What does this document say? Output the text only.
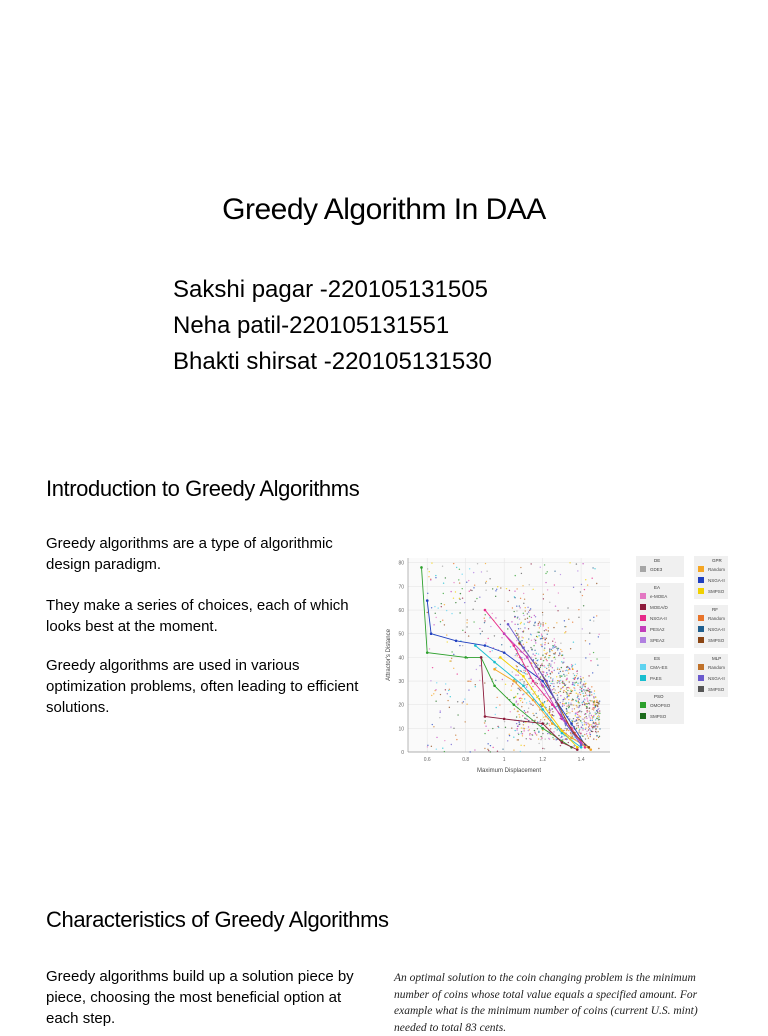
Greedy Algorithm In DAA
Sakshi pagar -220105131505
Neha patil-220105131551
Bhakti shirsat -220105131530
Introduction to Greedy Algorithms

Greedy algorithms are a type of algorithmic design paradigm.

They make a series of choices, each of which looks best at the moment.

Greedy algorithms are used in various optimization problems, often leading to efficient solutions.

0
10
20
30
40
50
60
70
80
0.6	0.8	1	1.2	1.4
Maximum Displacement
Attractor's Distance
DE
GDE3
EA
e-MOEA
MOEA/D
NSGA-II
PESA2
SPEA2
ES
CMA-ES
PAES
PSO
OMOPSO
SMPSO
GPR
Random
NSGA-II
SMPSO
RF
Random
NSGA-II
SMPSO
MLP
Random
NSGA-II
SMPSO
Characteristics of Greedy Algorithms

Greedy algorithms build up a solution piece by piece, choosing the most beneficial option at each step.

An optimal solution to the coin changing problem is the minimum number of coins whose total value equals a specified amount. For example what is the minimum number of coins (current U.S. mint) needed to total 83 cents.
